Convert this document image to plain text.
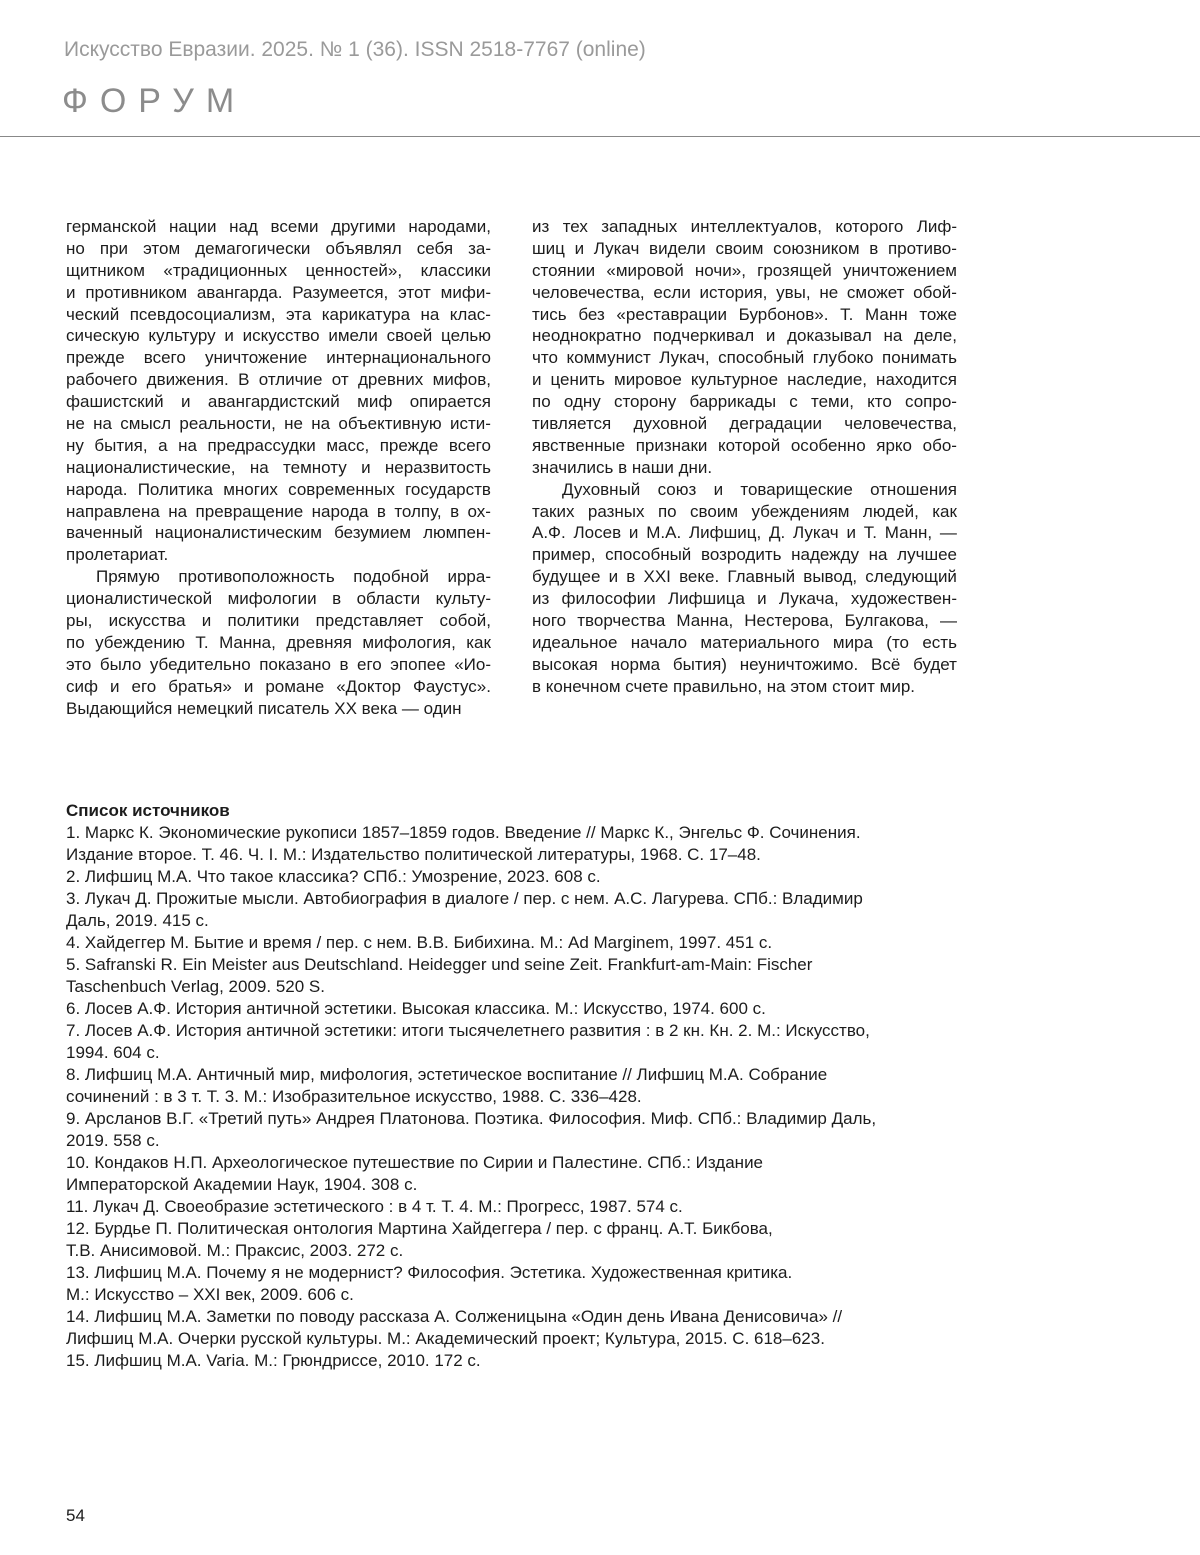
Искусство Евразии. 2025. № 1 (36). ISSN 2518-7767 (online)
ФОРУМ
германской нации над всеми другими народами,
но при этом демагогически объявлял себя за-
щитником «традиционных ценностей», классики
и противником авангарда. Разумеется, этот мифи-
ческий псевдосоциализм, эта карикатура на клас-
сическую культуру и искусство имели своей целью
прежде всего уничтожение интернационального
рабочего движения. В отличие от древних мифов,
фашистский и авангардистский миф опирается
не на смысл реальности, не на объективную исти-
ну бытия, а на предрассудки масс, прежде всего
националистические, на темноту и неразвитость
народа. Политика многих современных государств
направлена на превращение народа в толпу, в ох-
ваченный националистическим безумием люмпен-
пролетариат.
Прямую противоположность подобной ирра-
ционалистической мифологии в области культу-
ры, искусства и политики представляет собой,
по убеждению Т. Манна, древняя мифология, как
это было убедительно показано в его эпопее «Ио-
сиф и его братья» и романе «Доктор Фаустус».
Выдающийся немецкий писатель XX века — один
из тех западных интеллектуалов, которого Лиф-
шиц и Лукач видели своим союзником в противо-
стоянии «мировой ночи», грозящей уничтожением
человечества, если история, увы, не сможет обой-
тись без «реставрации Бурбонов». Т. Манн тоже
неоднократно подчеркивал и доказывал на деле,
что коммунист Лукач, способный глубоко понимать
и ценить мировое культурное наследие, находится
по одну сторону баррикады с теми, кто сопро-
тивляется духовной деградации человечества,
явственные признаки которой особенно ярко обо-
значились в наши дни.
Духовный союз и товарищеские отношения
таких разных по своим убеждениям людей, как
А.Ф. Лосев и М.А. Лифшиц, Д. Лукач и Т. Манн, —
пример, способный возродить надежду на лучшее
будущее и в XXI веке. Главный вывод, следующий
из философии Лифшица и Лукача, художествен-
ного творчества Манна, Нестерова, Булгакова, —
идеальное начало материального мира (то есть
высокая норма бытия) неуничтожимо. Всё будет
в конечном счете правильно, на этом стоит мир.
Список источников
1. Маркс К. Экономические рукописи 1857–1859 годов. Введение // Маркс К., Энгельс Ф. Сочинения.
Издание второе. Т. 46. Ч. I. М.: Издательство политической литературы, 1968. С. 17–48.
2. Лифшиц М.А. Что такое классика? СПб.: Умозрение, 2023. 608 с.
3. Лукач Д. Прожитые мысли. Автобиография в диалоге / пер. с нем. А.С. Лагурева. СПб.: Владимир
Даль, 2019. 415 с.
4. Хайдеггер М. Бытие и время / пер. с нем. В.В. Бибихина. М.: Ad Marginem, 1997. 451 с.
5. Safranski R. Ein Meister aus Deutschland. Heidegger und seine Zeit. Frankfurt-am-Main: Fischer
Taschenbuch Verlag, 2009. 520 S.
6. Лосев А.Ф. История античной эстетики. Высокая классика. М.: Искусство, 1974. 600 с.
7. Лосев А.Ф. История античной эстетики: итоги тысячелетнего развития : в 2 кн. Кн. 2. М.: Искусство,
1994. 604 с.
8. Лифшиц М.А. Античный мир, мифология, эстетическое воспитание // Лифшиц М.А. Собрание
сочинений : в 3 т. Т. 3. М.: Изобразительное искусство, 1988. С. 336–428.
9. Арсланов В.Г. «Третий путь» Андрея Платонова. Поэтика. Философия. Миф. СПб.: Владимир Даль,
2019. 558 с.
10. Кондаков Н.П. Археологическое путешествие по Сирии и Палестине. СПб.: Издание
Императорской Академии Наук, 1904. 308 с.
11. Лукач Д. Своеобразие эстетического : в 4 т. Т. 4. М.: Прогресс, 1987. 574 с.
12. Бурдье П. Политическая онтология Мартина Хайдеггера / пер. с франц. А.Т. Бикбова,
Т.В. Анисимовой. М.: Праксис, 2003. 272 с.
13. Лифшиц М.А. Почему я не модернист? Философия. Эстетика. Художественная критика.
М.: Искусство – XXI век, 2009. 606 с.
14. Лифшиц М.А. Заметки по поводу рассказа А. Солженицына «Один день Ивана Денисовича» //
Лифшиц М.А. Очерки русской культуры. М.: Академический проект; Культура, 2015. С. 618–623.
15. Лифшиц М.А. Varia. М.: Грюндриссе, 2010. 172 с.
54
